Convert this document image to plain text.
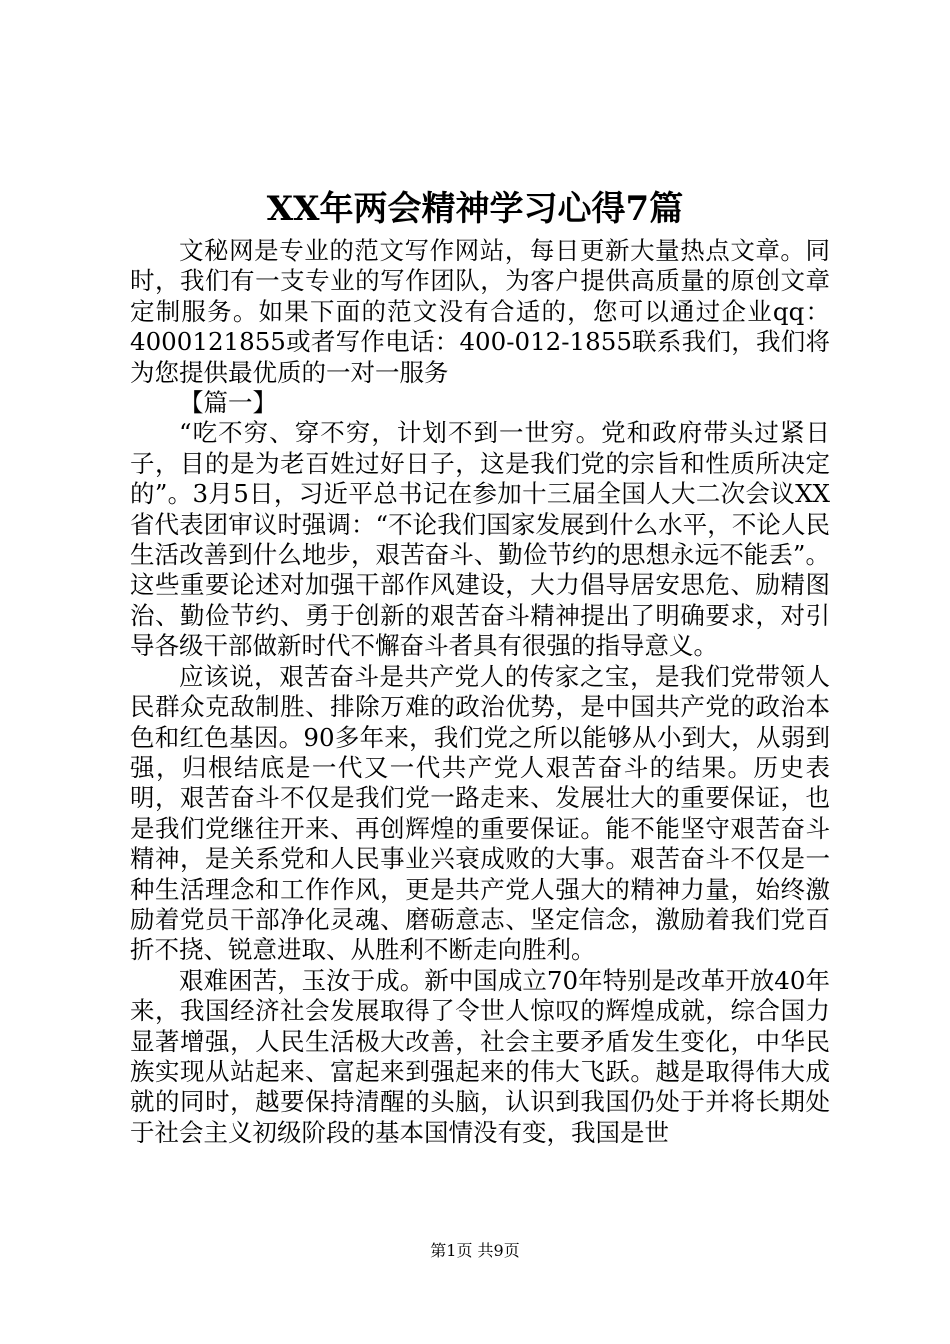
XX年两会精神学习心得7篇

文秘网是专业的范文写作网站，每日更新大量热点文章。同时，我们有一支专业的写作团队，为客户提供高质量的原创文章定制服务。如果下面的范文没有合适的，您可以通过企业qq：4000121855或者写作电话：400-012-1855联系我们，我们将为您提供最优质的一对一服务

【篇一】

“吃不穷、穿不穷，计划不到一世穷。党和政府带头过紧日子，目的是为老百姓过好日子，这是我们党的宗旨和性质所决定的”。3月5日，习近平总书记在参加十三届全国人大二次会议XX省代表团审议时强调：“不论我们国家发展到什么水平，不论人民生活改善到什么地步，艰苦奋斗、勤俭节约的思想永远不能丢”。这些重要论述对加强干部作风建设，大力倡导居安思危、励精图治、勤俭节约、勇于创新的艰苦奋斗精神提出了明确要求，对引导各级干部做新时代不懈奋斗者具有很强的指导意义。

应该说，艰苦奋斗是共产党人的传家之宝，是我们党带领人民群众克敌制胜、排除万难的政治优势，是中国共产党的政治本色和红色基因。90多年来，我们党之所以能够从小到大，从弱到强，归根结底是一代又一代共产党人艰苦奋斗的结果。历史表明，艰苦奋斗不仅是我们党一路走来、发展壮大的重要保证，也是我们党继往开来、再创辉煌的重要保证。能不能坚守艰苦奋斗精神，是关系党和人民事业兴衰成败的大事。艰苦奋斗不仅是一种生活理念和工作作风，更是共产党人强大的精神力量，始终激励着党员干部净化灵魂、磨砺意志、坚定信念，激励着我们党百折不挠、锐意进取、从胜利不断走向胜利。

艰难困苦，玉汝于成。新中国成立70年特别是改革开放40年来，我国经济社会发展取得了令世人惊叹的辉煌成就，综合国力显著增强，人民生活极大改善，社会主要矛盾发生变化，中华民族实现从站起来、富起来到强起来的伟大飞跃。越是取得伟大成就的同时，越要保持清醒的头脑，认识到我国仍处于并将长期处于社会主义初级阶段的基本国情没有变，我国是世

第1页 共9页
